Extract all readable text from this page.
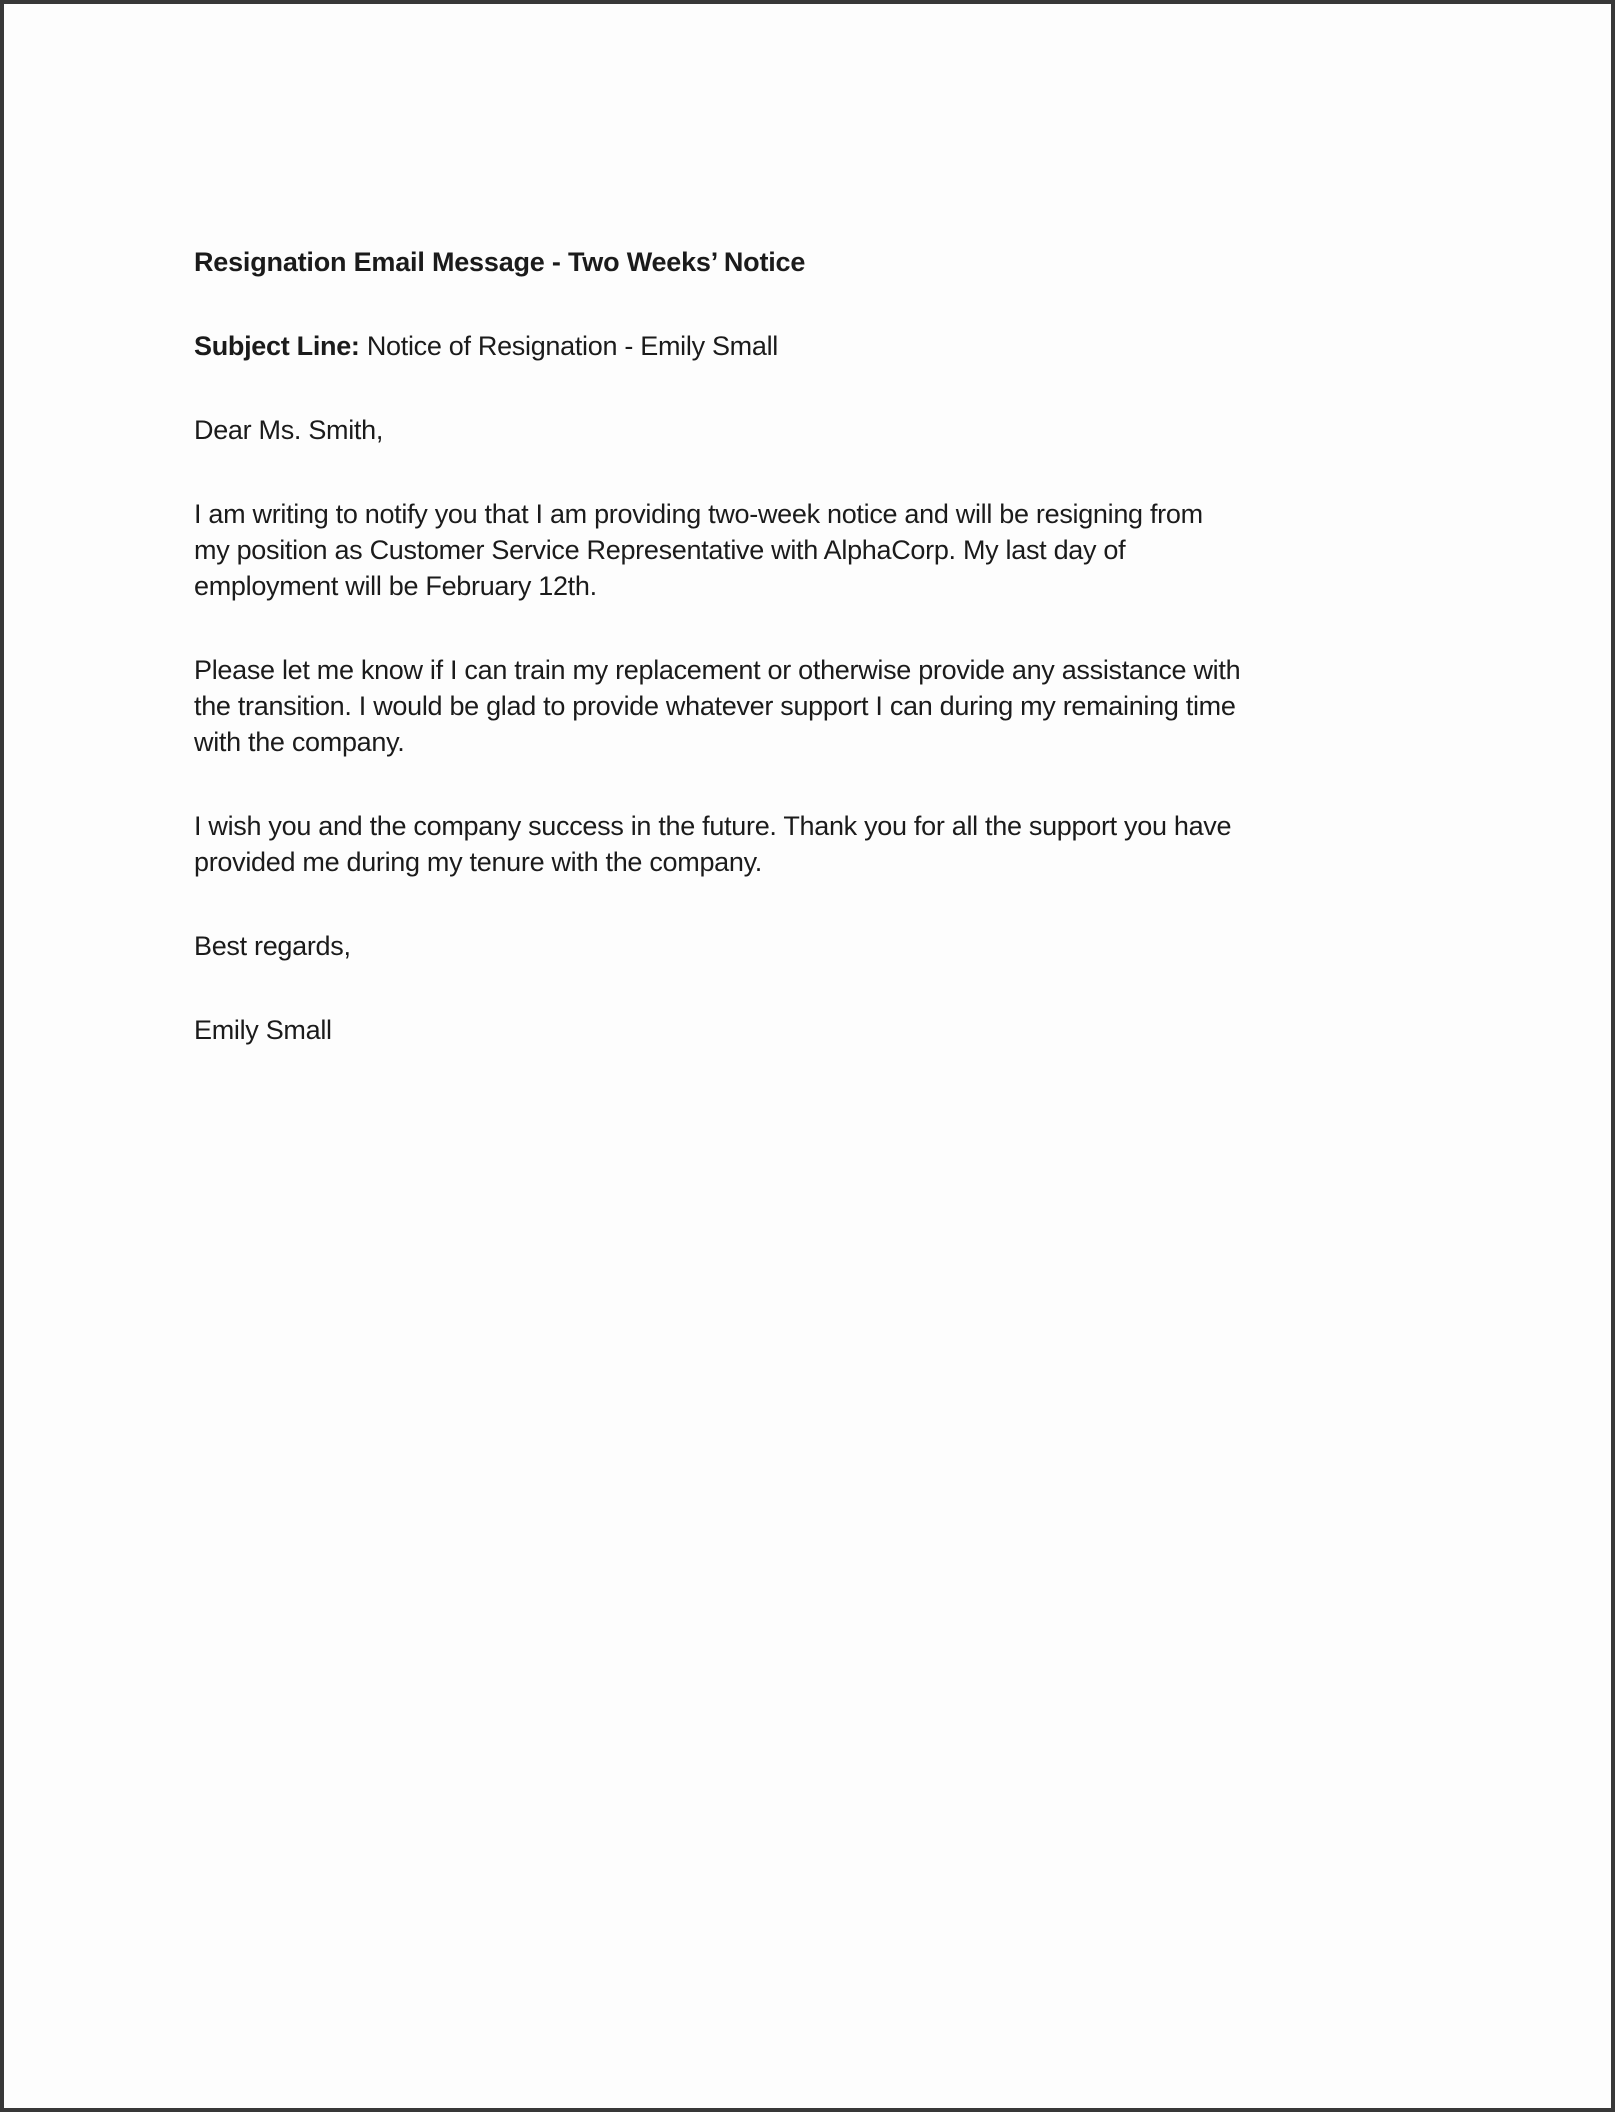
Resignation Email Message - Two Weeks’ Notice
Subject Line: Notice of Resignation - Emily Small
Dear Ms. Smith,
I am writing to notify you that I am providing two-week notice and will be resigning from
my position as Customer Service Representative with AlphaCorp. My last day of
employment will be February 12th.
Please let me know if I can train my replacement or otherwise provide any assistance with
the transition. I would be glad to provide whatever support I can during my remaining time
with the company.
I wish you and the company success in the future. Thank you for all the support you have
provided me during my tenure with the company.
Best regards,
Emily Small
